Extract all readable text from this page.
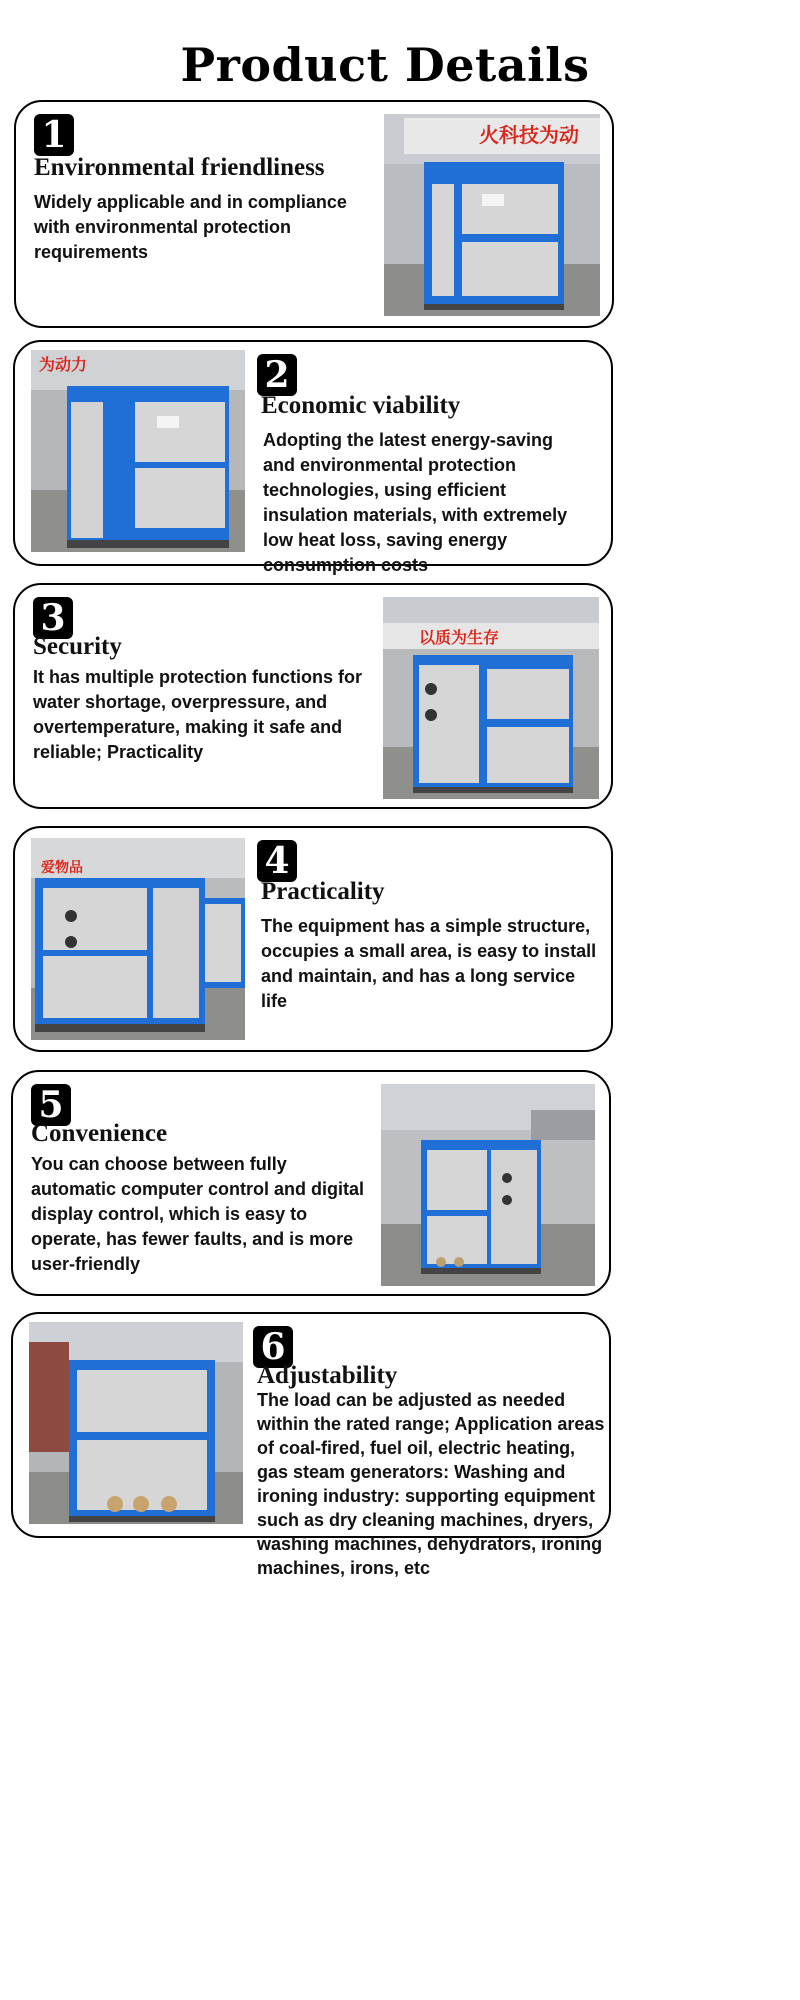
Product Details
1
Environmental friendliness
Widely applicable and in compliance with environmental protection requirements
火科技为动
为动力	2
Economic viability
Adopting the latest energy-saving and environmental protection technologies, using efficient insulation materials, with extremely low heat loss, saving energy consumption costs
3
Security
It has multiple protection functions for water shortage, overpressure, and overtemperature, making it safe and reliable; Practicality
以质为生存
爱物品	4
Practicality
The equipment has a simple structure, occupies a small area, is easy to install and maintain, and has a long service life
5
Convenience
You can choose between fully automatic computer control and digital display control, which is easy to operate, has fewer faults, and is more user-friendly
6
Adjustability
The load can be adjusted as needed within the rated range; Application areas of coal-fired, fuel oil, electric heating, gas steam generators: Washing and ironing industry: supporting equipment such as dry cleaning machines, dryers, washing machines, dehydrators, ironing machines, irons, etc
